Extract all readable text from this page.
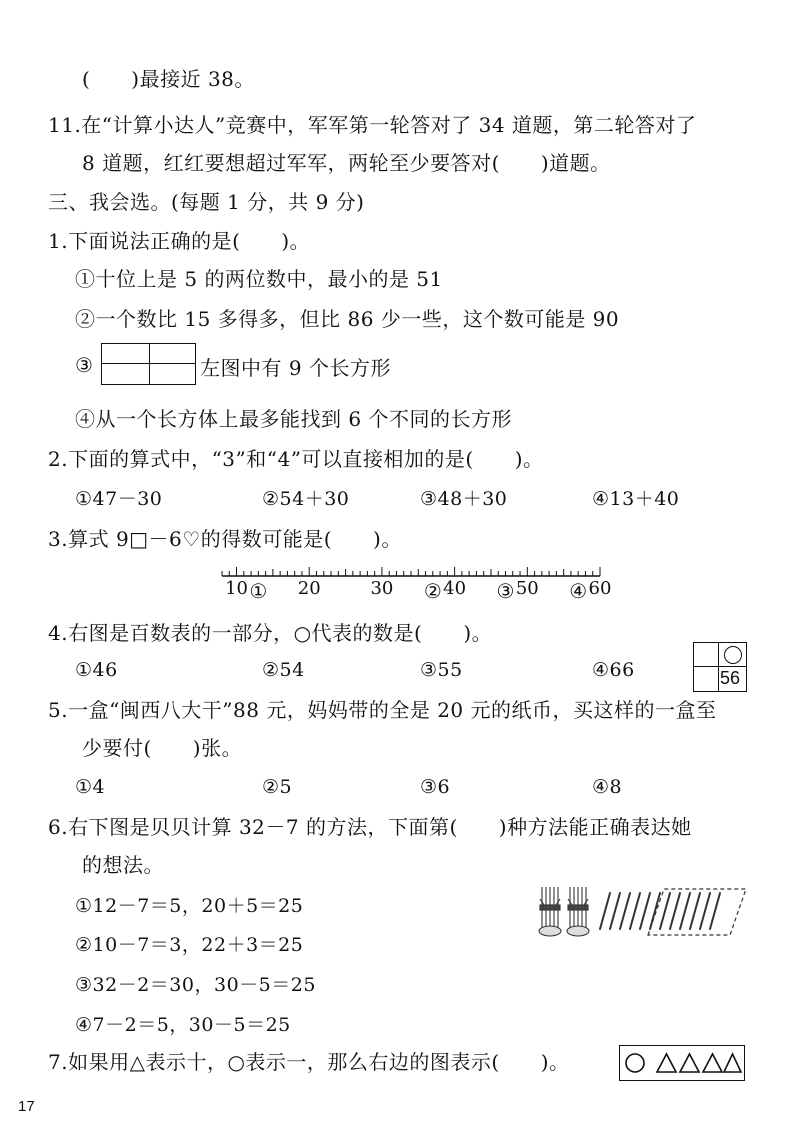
(　　)最接近 38。
11.在“计算小达人”竞赛中，军军第一轮答对了 34 道题，第二轮答对了
8 道题，红红要想超过军军，两轮至少要答对(　　)道题。
三、我会选。(每题 1 分，共 9 分)
1.下面说法正确的是(　　)。
①十位上是 5 的两位数中，最小的是 51
②一个数比 15 多得多，但比 86 少一些，这个数可能是 90
③	左图中有 9 个长方形
④从一个长方体上最多能找到 6 个不同的长方形
2.下面的算式中，“3”和“4”可以直接相加的是(　　)。
①47－30	②54＋30	③48＋30	④13＋40
3.算式 9□－6♡的得数可能是(　　)。
10	20	30	40	50	60
①	②	③	④
4.右图是百数表的一部分，○代表的数是(　　)。
①46	②54	③55	④66	56
5.一盒“闽西八大干”88 元，妈妈带的全是 20 元的纸币，买这样的一盒至
少要付(　　)张。
①4	②5	③6	④8
6.右下图是贝贝计算 32－7 的方法，下面第(　　)种方法能正确表达她
的想法。
①12－7＝5，20＋5＝25
②10－7＝3，22＋3＝25
③32－2＝30，30－5＝25
④7－2＝5，30－5＝25
7.如果用△表示十，○表示一，那么右边的图表示(　　)。
17
